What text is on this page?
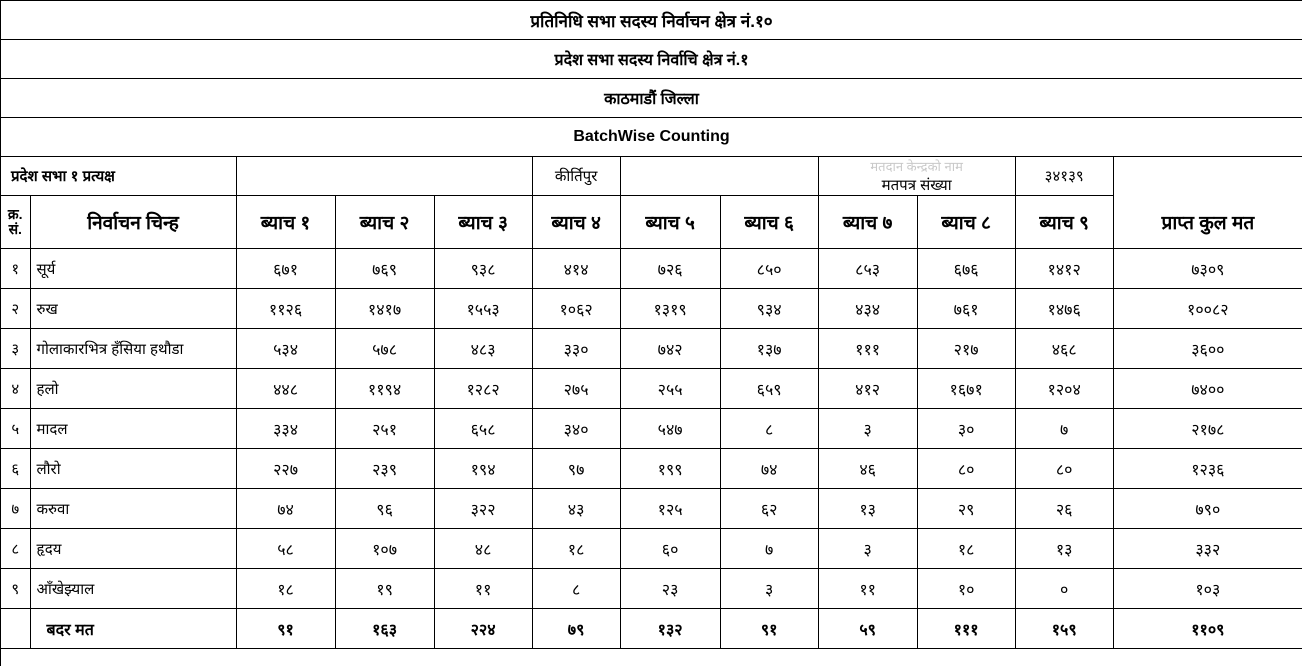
प्रतिनिधि सभा सदस्य निर्वाचन क्षेत्र नं.१०											
प्रदेश सभा सदस्य निर्वाचि क्षेत्र नं.१											
काठमाडौं जिल्ला											
BatchWise Counting											
प्रदेश सभा १ प्रत्यक्ष					कीर्तिपुर			मतदान केन्द्रको नाम
मतपत्र संख्या		३४१३९	
क्र. सं.	निर्वाचन चिन्ह	ब्याच १	ब्याच २	ब्याच ३	ब्याच ४	ब्याच ५	ब्याच ६	ब्याच ७	ब्याच ८	ब्याच ९	प्राप्त कुल मत
१	सूर्य	६७१	७६९	९३८	४१४	७२६	८५०	८५३	६७६	१४१२	७३०९
२	रुख	११२६	१४१७	१५५३	१०६२	१३१९	९३४	४३४	७६१	१४७६	१००८२
३	गोलाकारभित्र हँसिया हथौडा	५३४	५७८	४८३	३३०	७४२	१३७	१११	२१७	४६८	३६००
४	हलो	४४८	११९४	१२८२	२७५	२५५	६५९	४१२	१६७१	१२०४	७४००
५	मादल	३३४	२५१	६५८	३४०	५४७	८	३	३०	७	२१७८
६	लौरो	२२७	२३९	१९४	९७	१९९	७४	४६	८०	८०	१२३६
७	करुवा	७४	९६	३२२	४३	१२५	६२	१३	२९	२६	७९०
८	हृदय	५८	१०७	४८	१८	६०	७	३	१८	१३	३३२
९	आँखेझ्याल	१८	१९	११	८	२३	३	११	१०	०	१०३
	बदर मत	९१	१६३	२२४	७९	१३२	९१	५९	१११	१५९	११०९
